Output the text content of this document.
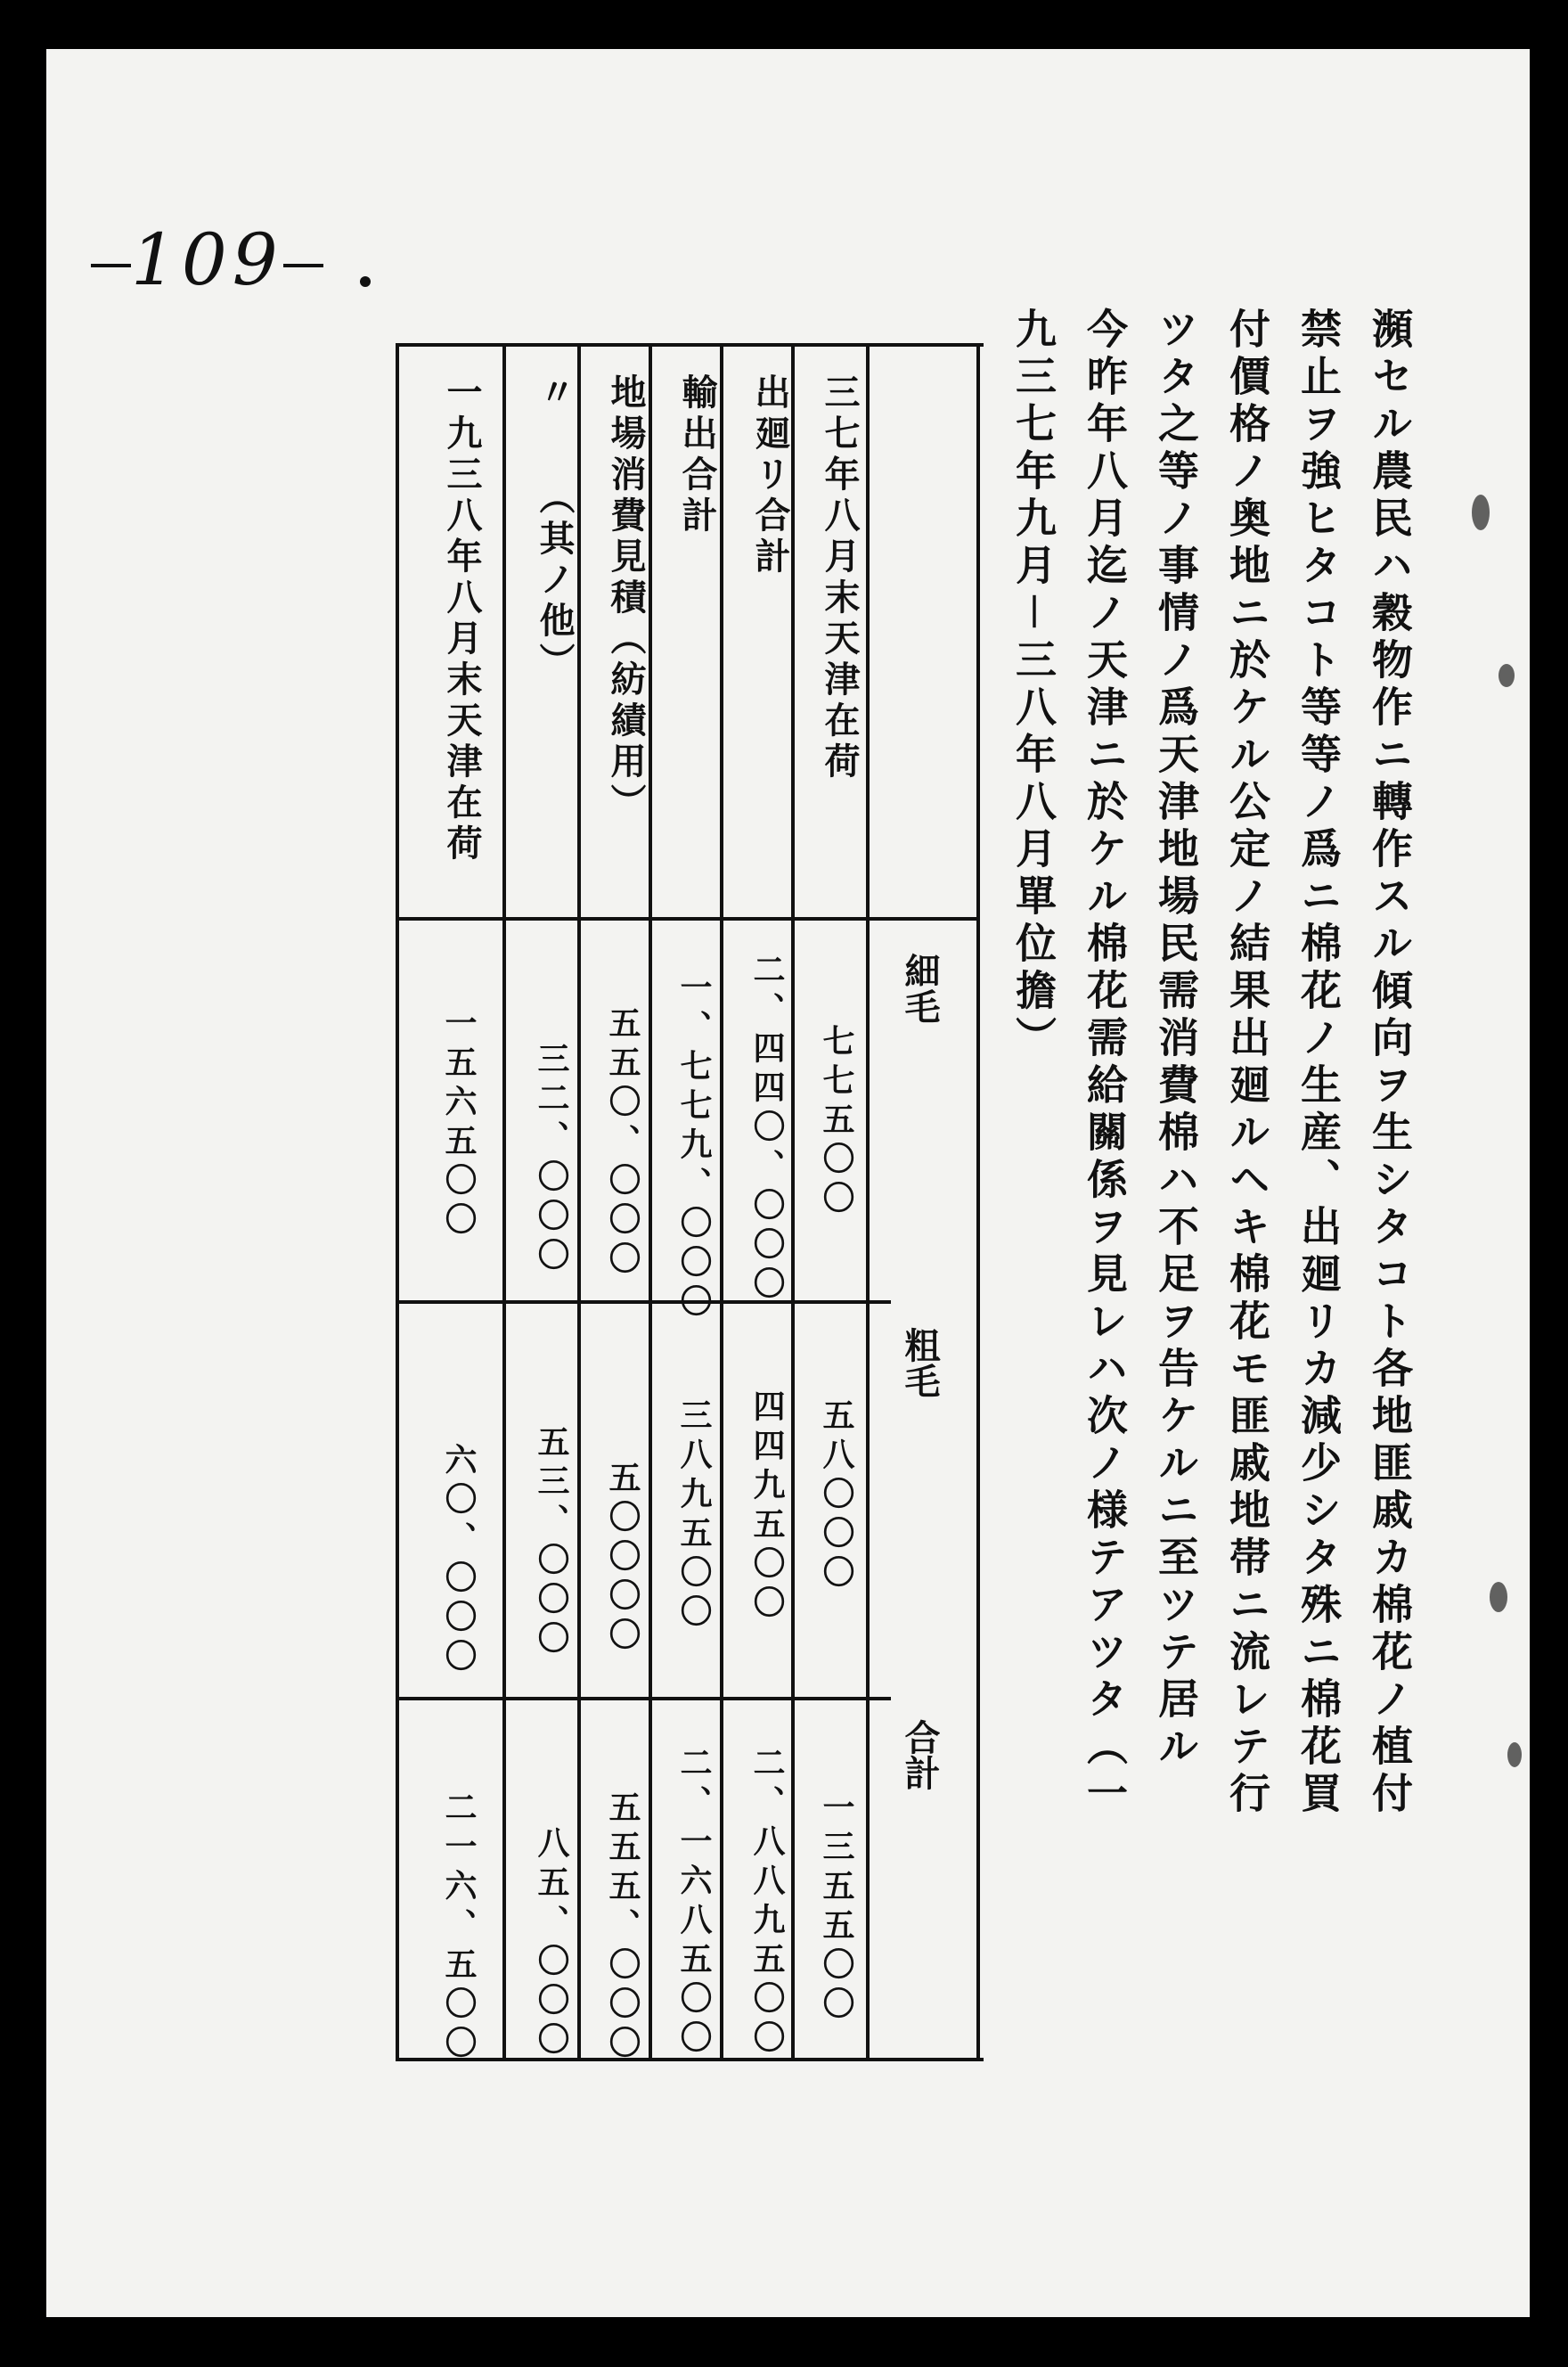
109
瀕セル農民ハ穀物作ニ轉作スル傾向ヲ生シタコト各地匪戚カ棉花ノ植付
禁止ヲ強ヒタコト等等ノ爲ニ棉花ノ生産、出廻リカ減少シタ殊ニ棉花買
付價格ノ奥地ニ於ケル公定ノ結果出廻ルヘキ棉花モ匪戚地帯ニ流レテ行
ツタ之等ノ事情ノ爲天津地場民需消費棉ハ不足ヲ告ケルニ至ツテ居ル
今昨年八月迄ノ天津ニ於ケル棉花需給關係ヲ見レハ次ノ様テアツタ（一
九三七年九月－三八年八月單位擔）
細毛
粗毛
合計
三七年八月末天津在荷
七七五〇〇
五八〇〇〇
一三五五〇〇
出廻リ合計
二、四四〇、〇〇〇
四四九五〇〇
二、八八九五〇〇
輸出合計
一、七七九、〇〇〇
三八九五〇〇
二、一六八五〇〇
地場消費見積（紡績用）
五五〇、〇〇〇
五〇〇〇〇
五五五、〇〇〇
〃　　（其ノ他）
三二、〇〇〇
五三、〇〇〇
八五、〇〇〇
一九三八年八月末天津在荷
一五六五〇〇
六〇、〇〇〇
二一六、五〇〇
